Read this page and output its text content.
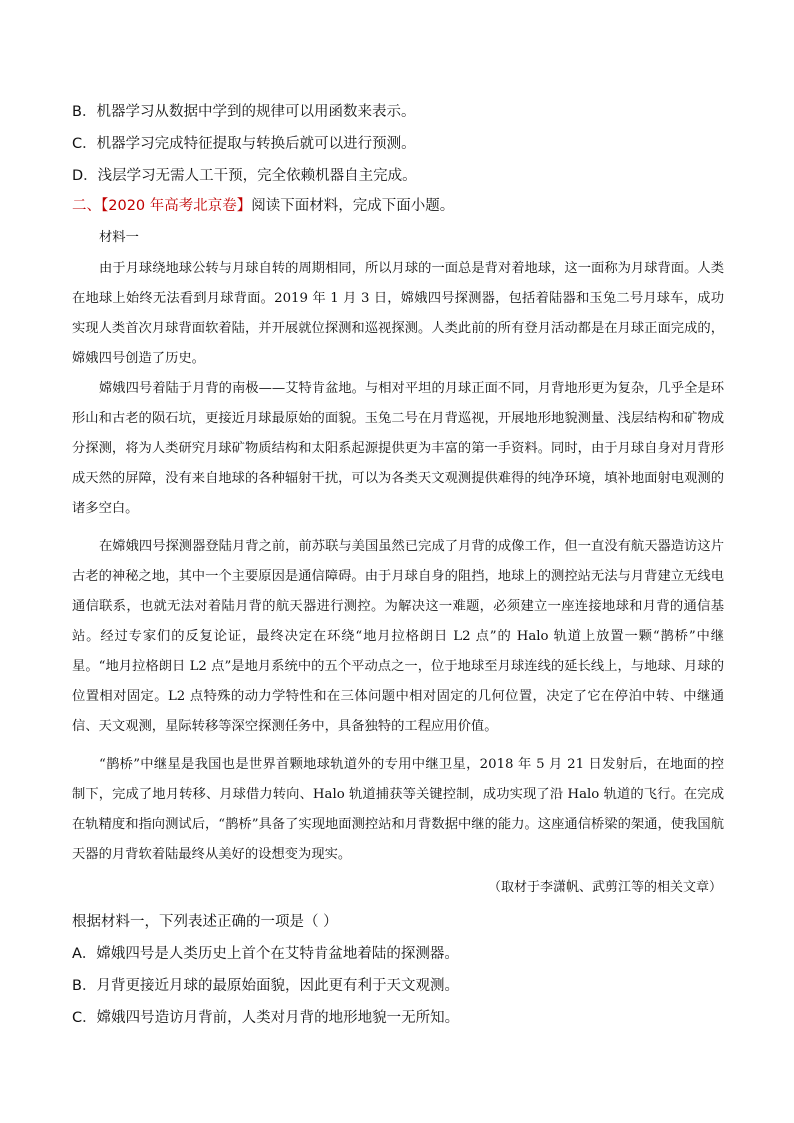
B．机器学习从数据中学到的规律可以用函数来表示。
C．机器学习完成特征提取与转换后就可以进行预测。
D．浅层学习无需人工干预，完全依赖机器自主完成。
二、【2020 年高考北京卷】阅读下面材料，完成下面小题。
材料一
由于月球绕地球公转与月球自转的周期相同，所以月球的一面总是背对着地球，这一面称为月球背面。人类在地球上始终无法看到月球背面。2019 年 1 月 3 日，嫦娥四号探测器，包括着陆器和玉兔二号月球车，成功实现人类首次月球背面软着陆，并开展就位探测和巡视探测。人类此前的所有登月活动都是在月球正面完成的，嫦娥四号创造了历史。
嫦娥四号着陆于月背的南极——艾特肯盆地。与相对平坦的月球正面不同，月背地形更为复杂，几乎全是环形山和古老的陨石坑，更接近月球最原始的面貌。玉兔二号在月背巡视，开展地形地貌测量、浅层结构和矿物成分探测，将为人类研究月球矿物质结构和太阳系起源提供更为丰富的第一手资料。同时，由于月球自身对月背形成天然的屏障，没有来自地球的各种辐射干扰，可以为各类天文观测提供难得的纯净环境，填补地面射电观测的诸多空白。
在嫦娥四号探测器登陆月背之前，前苏联与美国虽然已完成了月背的成像工作，但一直没有航天器造访这片古老的神秘之地，其中一个主要原因是通信障碍。由于月球自身的阻挡，地球上的测控站无法与月背建立无线电通信联系，也就无法对着陆月背的航天器进行测控。为解决这一难题，必须建立一座连接地球和月背的通信基站。经过专家们的反复论证，最终决定在环绕“地月拉格朗日 L2 点”的 Halo 轨道上放置一颗“鹊桥”中继星。“地月拉格朗日 L2 点”是地月系统中的五个平动点之一，位于地球至月球连线的延长线上，与地球、月球的位置相对固定。L2 点特殊的动力学特性和在三体问题中相对固定的几何位置，决定了它在停泊中转、中继通信、天文观测，星际转移等深空探测任务中，具备独特的工程应用价值。
“鹊桥”中继星是我国也是世界首颗地球轨道外的专用中继卫星，2018 年 5 月 21 日发射后，在地面的控制下，完成了地月转移、月球借力转向、Halo 轨道捕获等关键控制，成功实现了沿 Halo 轨道的飞行。在完成在轨精度和指向测试后，“鹊桥”具备了实现地面测控站和月背数据中继的能力。这座通信桥梁的架通，使我国航天器的月背软着陆最终从美好的设想变为现实。
（取材于李潇帆、武剪江等的相关文章）
根据材料一，下列表述正确的一项是（ ）
A．嫦娥四号是人类历史上首个在艾特肯盆地着陆的探测器。
B．月背更接近月球的最原始面貌，因此更有利于天文观测。
C．嫦娥四号造访月背前，人类对月背的地形地貌一无所知。
